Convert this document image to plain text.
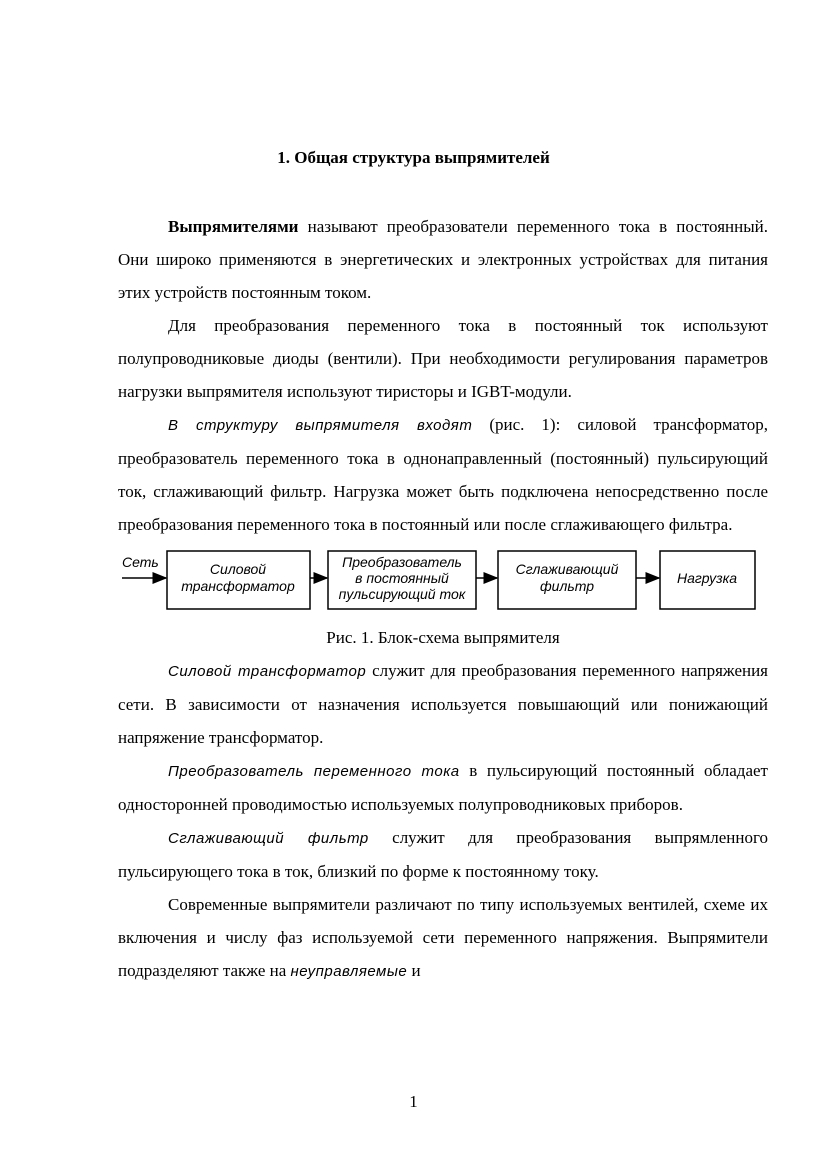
1. Общая структура выпрямителей

Выпрямителями называют преобразователи переменного тока в постоянный. Они широко применяются в энергетических и электронных устройствах для питания этих устройств постоянным током.

Для преобразования переменного тока в постоянный ток используют полупроводниковые диоды (вентили). При необходимости регулирования параметров нагрузки выпрямителя используют тиристоры и IGBT-модули.

В структуру выпрямителя входят (рис. 1): силовой трансформатор, преобразователь переменного тока в однонаправленный (постоянный) пульсирующий ток, сглаживающий фильтр. Нагрузка может быть подключена непосредственно после преобразования переменного тока в постоянный или после сглаживающего фильтра.

Сеть	Силовой
трансформатор
Преобразователь
в постоянный
пульсирующий ток
Сглаживающий
фильтр	Нагрузка

Рис. 1. Блок-схема выпрямителя

Силовой трансформатор служит для преобразования переменного напряжения сети. В зависимости от назначения используется повышающий или понижающий напряжение трансформатор.

Преобразователь переменного тока в пульсирующий постоянный обладает односторонней проводимостью используемых полупроводниковых приборов.

Сглаживающий фильтр служит для преобразования выпрямленного пульсирующего тока в ток, близкий по форме к постоянному току.

Современные выпрямители различают по типу используемых вентилей, схеме их включения и числу фаз используемой сети переменного напряжения. Выпрямители подразделяют также на неуправляемые и

1
